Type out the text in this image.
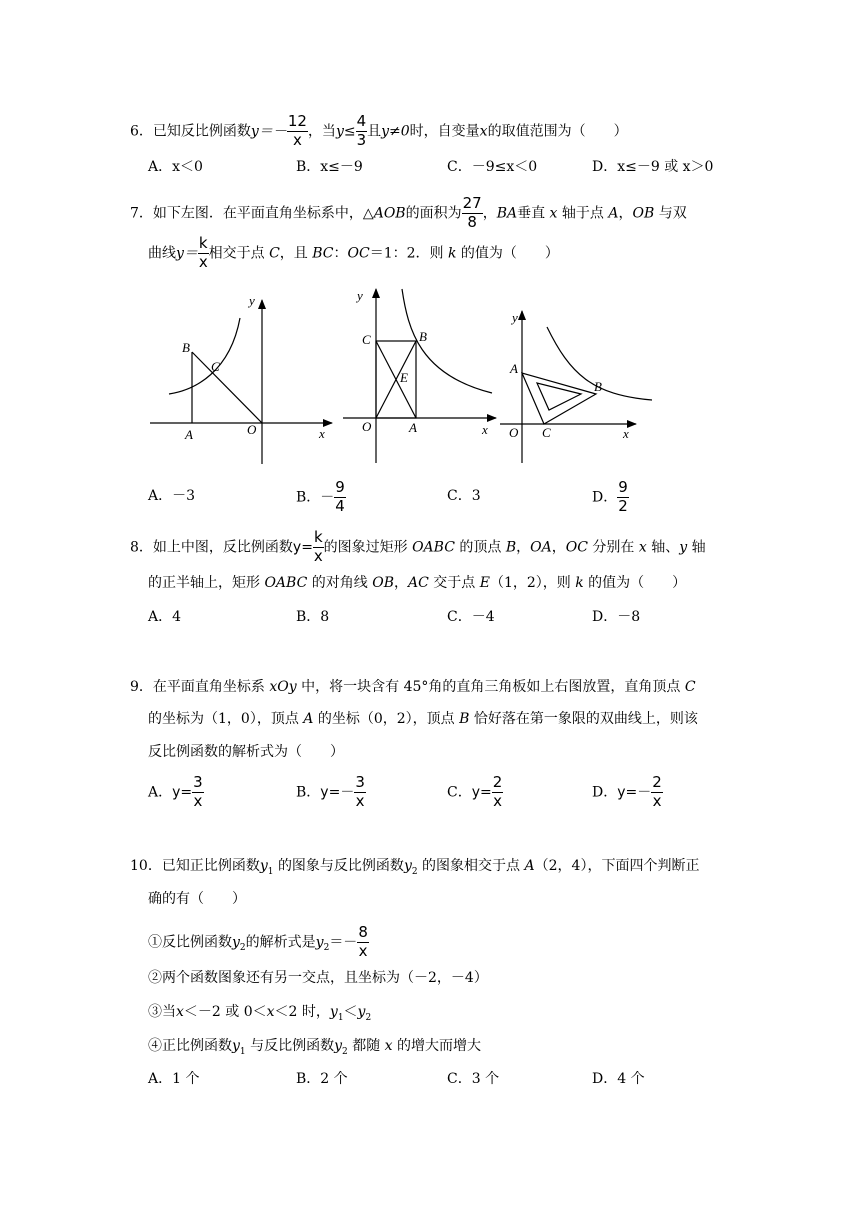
6．已知反比例函数$y=- \frac{12}{x}$ ，当$y\le \frac{4}{3}$ 且y≠0时，自变量x的取值范围为（　　）
A．x＜0	B．x≤－9	C．－9≤x＜0	D．x≤－9 或 x＞0
7．如下左图．在平面直角坐标系中，△AOB的面积为 $\frac{27}{8}$ ，BA垂直 x 轴于点 A，OB 与双
曲线$y= \frac{k}{x}$ 相交于点 C，且 BC：OC＝1：2．则 k 的值为（　　）
y
B
C
A	O	x
y
C	B
E
O	A	x
y
A
B
O C	x
A．－3	B．－ $\frac{9}{4}$	C．3	D． $\frac{9}{2}$
8．如上中图，反比例函数$y= \frac{k}{x}$ 的图象过矩形 OABC 的顶点 B，OA，OC 分别在 x 轴、y 轴
的正半轴上，矩形 OABC 的对角线 OB，AC 交于点 E（1，2），则 k 的值为（　　）
A．4	B．8	C．－4	D．－8
9．在平面直角坐标系 xOy 中，将一块含有 45°角的直角三角板如上右图放置，直角顶点 C
的坐标为（1，0），顶点 A 的坐标（0，2），顶点 B 恰好落在第一象限的双曲线上，则该
反比例函数的解析式为（　　）
A．$y= \frac{3}{x}$	B．$y=- \frac{3}{x}$	C．$y= \frac{2}{x}$	D．$y=- \frac{2}{x}$
10．已知正比例函数$y_1$ 的图象与反比例函数$y_2$ 的图象相交于点 A（2，4），下面四个判断正
确的有（　　）
①反比例函数$y_2$的解析式是$y_2=- \frac{8}{x}$
②两个函数图象还有另一交点，且坐标为（－2，－4）
③当x＜－2 或 0＜x＜2 时，$y_1<y_2$
④正比例函数$y_1$ 与反比例函数$y_2$ 都随 x 的增大而增大
A．1 个	B．2 个	C．3 个	D．4 个
